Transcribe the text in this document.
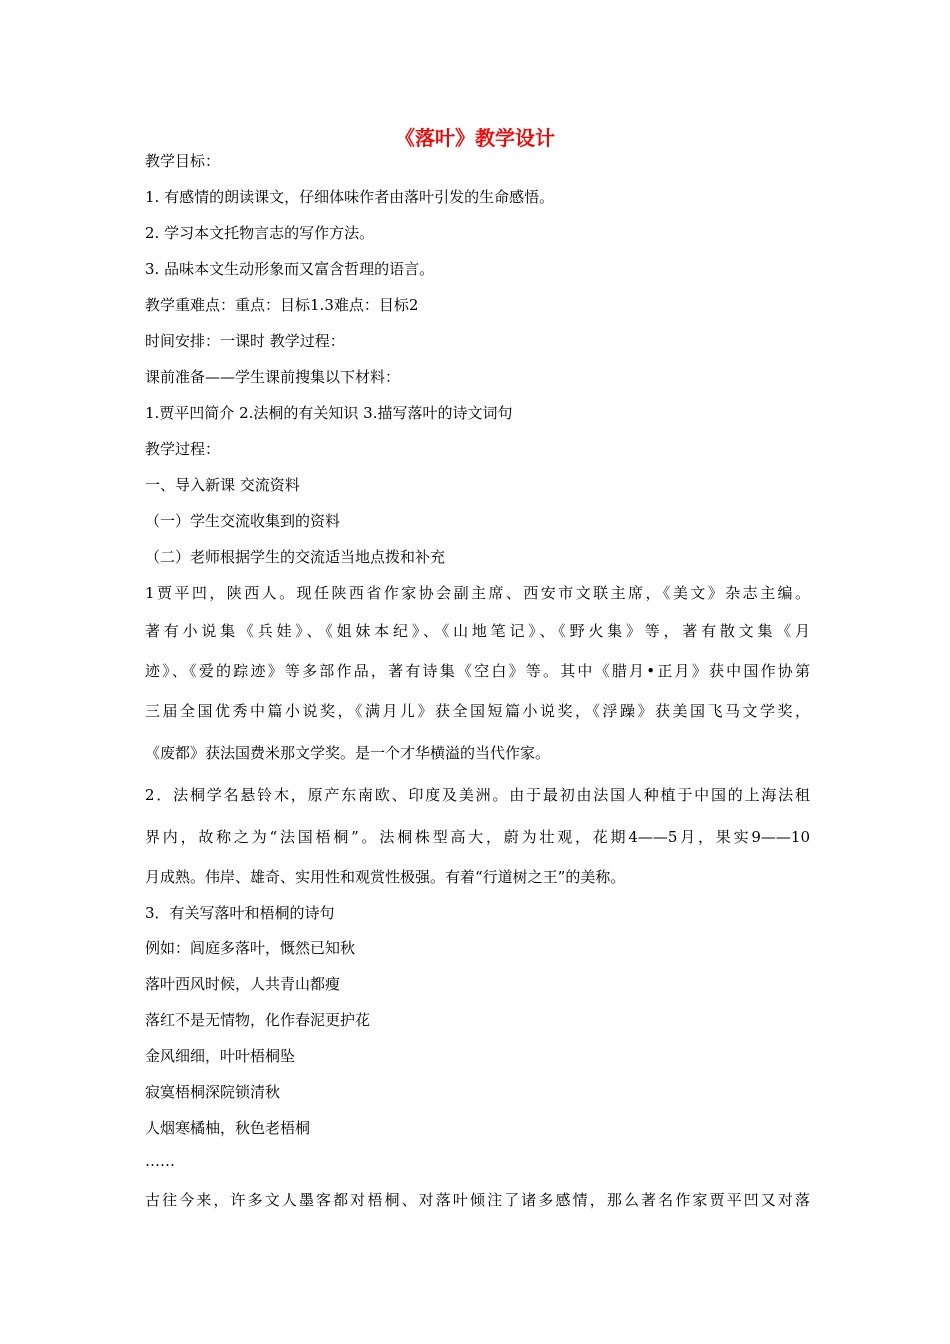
《落叶》教学设计

教学目标：

1. 有感情的朗读课文，仔细体味作者由落叶引发的生命感悟。

2. 学习本文托物言志的写作方法。

3. 品味本文生动形象而又富含哲理的语言。

教学重难点：重点：目标1.3难点：目标2

时间安排：一课时 教学过程：

课前准备——学生课前搜集以下材料：

1.贾平凹简介 2.法桐的有关知识 3.描写落叶的诗文词句

教学过程：

一、导入新课 交流资料

（一）学生交流收集到的资料

（二）老师根据学生的交流适当地点拨和补充

1贾平凹，陕西人。现任陕西省作家协会副主席、西安市文联主席，《美文》杂志主编。

著有小说集《兵娃》、《姐妹本纪》、《山地笔记》、《野火集》等，著有散文集《月

迹》、《爱的踪迹》等多部作品，著有诗集《空白》等。其中《腊月•正月》获中国作协第

三届全国优秀中篇小说奖，《满月儿》获全国短篇小说奖，《浮躁》获美国飞马文学奖，

《废都》获法国费米那文学奖。是一个才华横溢的当代作家。

2．法桐学名悬铃木，原产东南欧、印度及美洲。由于最初由法国人种植于中国的上海法租

界内，故称之为“法国梧桐”。法桐株型高大，蔚为壮观，花期4——5月，果实9——10

月成熟。伟岸、雄奇、实用性和观赏性极强。有着“行道树之王”的美称。

3．有关写落叶和梧桐的诗句

例如：闾庭多落叶，慨然已知秋

落叶西风时候，人共青山都瘦

落红不是无情物，化作春泥更护花

金风细细，叶叶梧桐坠

寂寞梧桐深院锁清秋

人烟寒橘柚，秋色老梧桐

……

古往今来，许多文人墨客都对梧桐、对落叶倾注了诸多感情，那么著名作家贾平凹又对落
